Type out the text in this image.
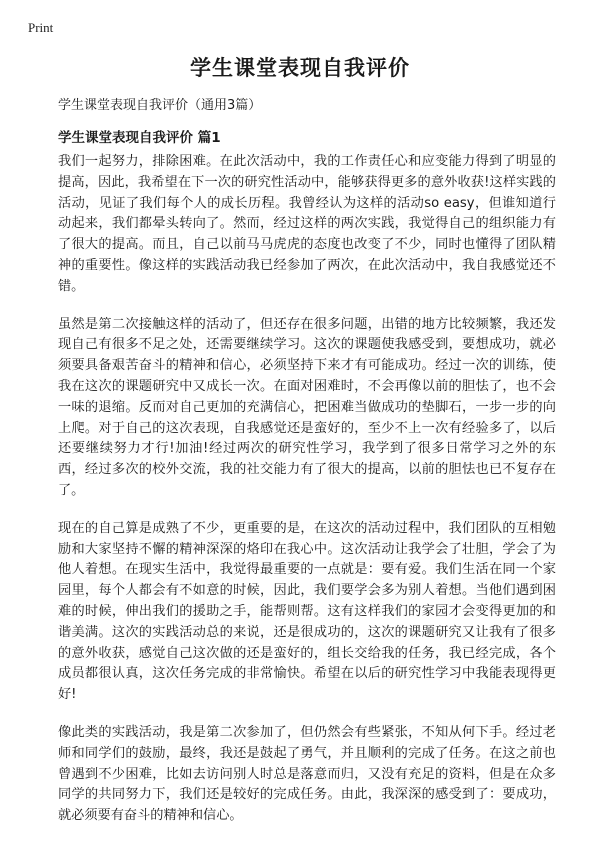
Print
学生课堂表现自我评价

学生课堂表现自我评价（通用3篇）

学生课堂表现自我评价 篇1

我们一起努力，排除困难。在此次活动中，我的工作责任心和应变能力得到了明显的提高，因此，我希望在下一次的研究性活动中，能够获得更多的意外收获!这样实践的活动，见证了我们每个人的成长历程。我曾经认为这样的活动so easy，但谁知道行动起来，我们都晕头转向了。然而，经过这样的两次实践，我觉得自己的组织能力有了很大的提高。而且，自己以前马马虎虎的态度也改变了不少，同时也懂得了团队精神的重要性。像这样的实践活动我已经参加了两次，在此次活动中，我自我感觉还不错。

虽然是第二次接触这样的活动了，但还存在很多问题，出错的地方比较频繁，我还发现自己有很多不足之处，还需要继续学习。这次的课题使我感受到，要想成功，就必须要具备艰苦奋斗的精神和信心，必须坚持下来才有可能成功。经过一次的训练，使我在这次的课题研究中又成长一次。在面对困难时，不会再像以前的胆怯了，也不会一味的退缩。反而对自己更加的充满信心，把困难当做成功的垫脚石，一步一步的向上爬。对于自己的这次表现，自我感觉还是蛮好的，至少不上一次有经验多了，以后还要继续努力才行!加油!经过两次的研究性学习，我学到了很多日常学习之外的东西，经过多次的校外交流，我的社交能力有了很大的提高，以前的胆怯也已不复存在了。

现在的自己算是成熟了不少，更重要的是，在这次的活动过程中，我们团队的互相勉励和大家坚持不懈的精神深深的烙印在我心中。这次活动让我学会了壮胆，学会了为他人着想。在现实生活中，我觉得最重要的一点就是：要有爱。我们生活在同一个家园里，每个人都会有不如意的时候，因此，我们要学会多为别人着想。当他们遇到困难的时候，伸出我们的援助之手，能帮则帮。这有这样我们的家园才会变得更加的和谐美满。这次的实践活动总的来说，还是很成功的，这次的课题研究又让我有了很多的意外收获，感觉自己这次做的还是蛮好的，组长交给我的任务，我已经完成，各个成员都很认真，这次任务完成的非常愉快。希望在以后的研究性学习中我能表现得更好!

像此类的实践活动，我是第二次参加了，但仍然会有些紧张，不知从何下手。经过老师和同学们的鼓励，最终，我还是鼓起了勇气，并且顺利的完成了任务。在这之前也曾遇到不少困难，比如去访问别人时总是落意而归，又没有充足的资料，但是在众多同学的共同努力下，我们还是较好的完成任务。由此，我深深的感受到了：要成功，就必须要有奋斗的精神和信心。
